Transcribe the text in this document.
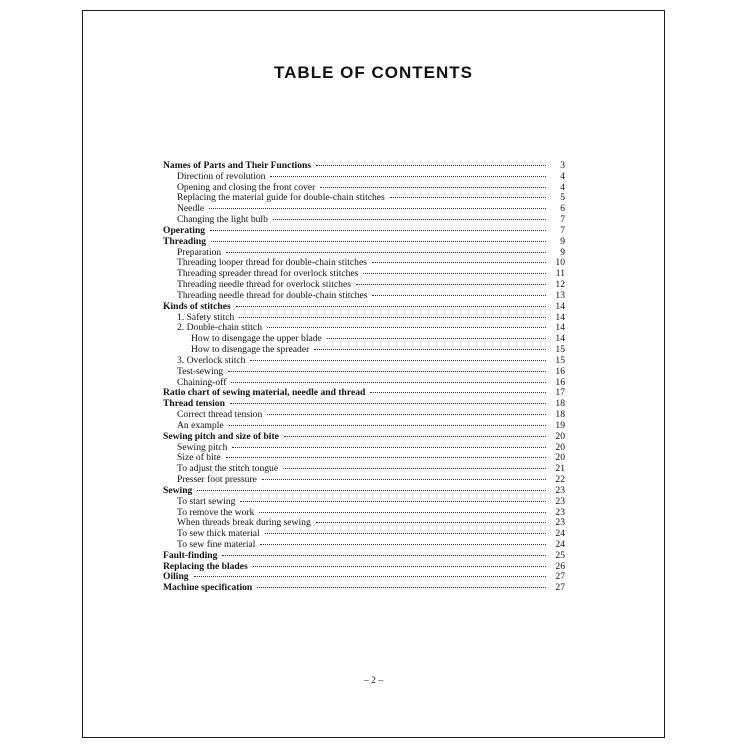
TABLE OF CONTENTS
Names of Parts and Their Functions	3
Direction of revolution	4
Opening and closing the front cover	4
Replacing the material guide for double-chain stitches	5
Needle	6
Changing the light bulb	7
Operating	7
Threading	9
Preparation	9
Threading looper thread for double-chain stitches	10
Threading spreader thread for overlock stitches	11
Threading needle thread for overlock stitches	12
Threading needle thread for double-chain stitches	13
Kinds of stitches	14
1. Safety stitch	14
2. Double-chain stitch	14
How to disengage the upper blade	14
How to disengage the spreader	15
3. Overlock stitch	15
Test-sewing	16
Chaining-off	16
Ratio chart of sewing material, needle and thread	17
Thread tension	18
Correct thread tension	18
An example	19
Sewing pitch and size of bite	20
Sewing pitch	20
Size of bite	20
To adjust the stitch tongue	21
Presser foot pressure	22
Sewing	23
To start sewing	23
To remove the work	23
When threads break during sewing	23
To sew thick material	24
To sew fine material	24
Fault-finding	25
Replacing the blades	26
Oiling	27
Machine specification	27
– 2 –
